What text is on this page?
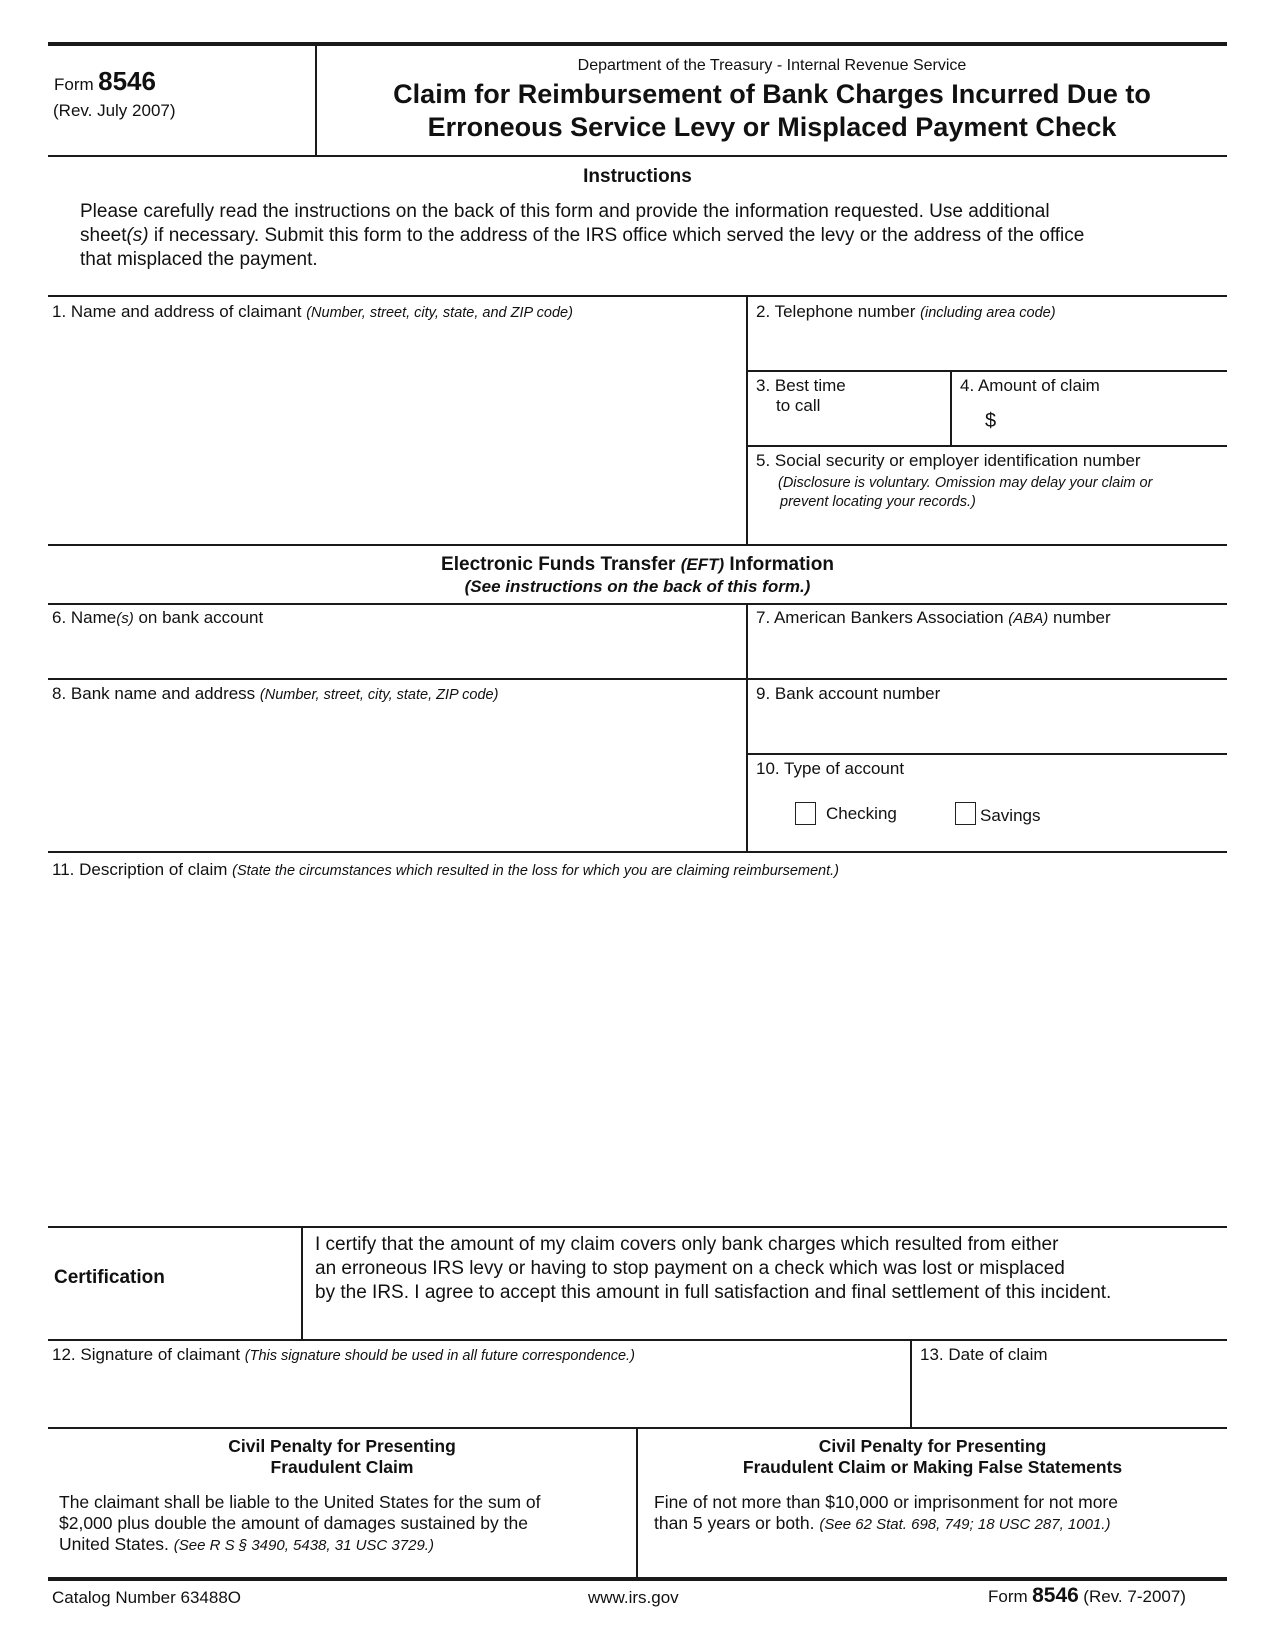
Form 8546
(Rev. July 2007)
Department of the Treasury - Internal Revenue Service
Claim for Reimbursement of Bank Charges Incurred Due to
Erroneous Service Levy or Misplaced Payment Check
Instructions
Please carefully read the instructions on the back of this form and provide the information requested. Use additional
sheet(s) if necessary. Submit this form to the address of the IRS office which served the levy or the address of the office
that misplaced the payment.
1. Name and address of claimant (Number, street, city, state, and ZIP code)	2. Telephone number (including area code)
3. Best time
to call
4. Amount of claim
$
5. Social security or employer identification number
(Disclosure is voluntary. Omission may delay your claim or
prevent locating your records.)
Electronic Funds Transfer (EFT) Information
(See instructions on the back of this form.)
6. Name(s) on bank account	7. American Bankers Association (ABA) number
8. Bank name and address (Number, street, city, state, ZIP code)	9. Bank account number
10. Type of account
Checking	Savings
11. Description of claim (State the circumstances which resulted in the loss for which you are claiming reimbursement.)
Certification
I certify that the amount of my claim covers only bank charges which resulted from either
an erroneous IRS levy or having to stop payment on a check which was lost or misplaced
by the IRS. I agree to accept this amount in full satisfaction and final settlement of this incident.
12. Signature of claimant (This signature should be used in all future correspondence.)	13. Date of claim
Civil Penalty for Presenting
Fraudulent Claim
The claimant shall be liable to the United States for the sum of
$2,000 plus double the amount of damages sustained by the
United States. (See R S § 3490, 5438, 31 USC 3729.)
Civil Penalty for Presenting
Fraudulent Claim or Making False Statements
Fine of not more than $10,000 or imprisonment for not more
than 5 years or both. (See 62 Stat. 698, 749; 18 USC 287, 1001.)
Catalog Number 63488O	www.irs.gov	Form 8546 (Rev. 7-2007)
